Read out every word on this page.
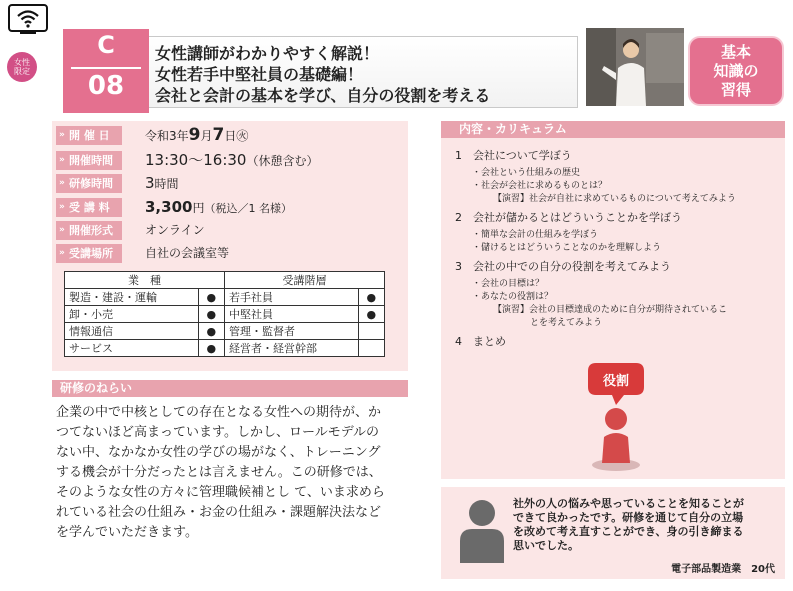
女性
限定
C
08
女性講師がわかりやすく解説！
女性若手中堅社員の基礎編！
会社と会計の基本を学び、自分の役割を考える
基本
知識の
習得
» 開 催 日	令和3年9月7日㊋
» 開催時間 13:30〜16:30（休憩含む）
» 研修時間 3時間
» 受 講 料 3,300円（税込／1 名様）
» 開催形式	オンライン
» 受講場所	自社の会議室等
業　種		受講階層	
製造・建設・運輸	●	若手社員	●
卸・小売	●	中堅社員	●
情報通信	●	管理・監督者	
サービス	●	経営者・経営幹部	
研修のねらい
企業の中で中核としての存在となる女性への期待が、か
つてないほど高まっています。しかし、ロールモデルの
ない中、なかなか女性の学びの場がなく、トレーニング
する機会が十分だったとは言えません。この研修では、
そのような女性の方々に管理職候補とし て、いま求めら
れている社会の仕組み・お金の仕組み・課題解決法など
を学んでいただきます。
内容・カリキュラム
1　会社について学ぼう
・会社という仕組みの歴史
・社会が会社に求めるものとは？
【演習】社会が自社に求めているものについて考えてみよう
2　会社が儲かるとはどういうことかを学ぼう
・簡単な会計の仕組みを学ぼう
・儲けるとはどういうことなのかを理解しよう
3　会社の中での自分の役割を考えてみよう
・会社の目標は？
・あなたの役割は？
【演習】会社の目標達成のために自分が期待されているこ
とを考えてみよう
4　まとめ
役割
社外の人の悩みや思っていることを知ることが
できて良かったです。研修を通じて自分の立場
を改めて考え直すことができ、身の引き締まる
思いでした。
電子部品製造業　20代
